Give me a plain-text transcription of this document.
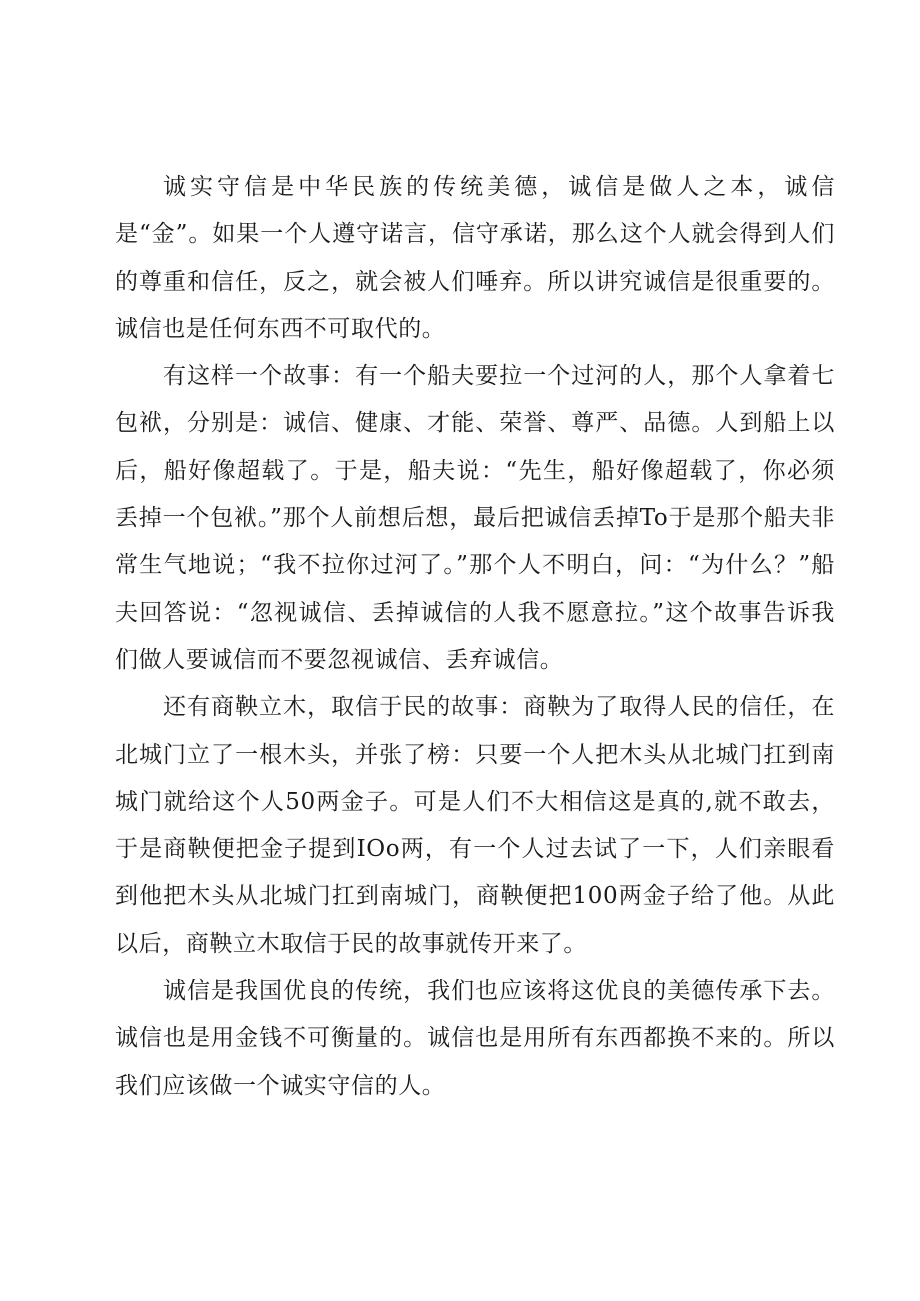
诚实守信是中华民族的传统美德，诚信是做人之本，诚信是“金”。如果一个人遵守诺言，信守承诺，那么这个人就会得到人们的尊重和信任，反之，就会被人们唾弃。所以讲究诚信是很重要的。诚信也是任何东西不可取代的。

有这样一个故事：有一个船夫要拉一个过河的人，那个人拿着七包袱，分别是：诚信、健康、才能、荣誉、尊严、品德。人到船上以后，船好像超载了。于是，船夫说：“先生，船好像超载了，你必须丢掉一个包袱。”那个人前想后想，最后把诚信丢掉To于是那个船夫非常生气地说；“我不拉你过河了。”那个人不明白，问：“为什么？”船夫回答说：“忽视诚信、丢掉诚信的人我不愿意拉。”这个故事告诉我们做人要诚信而不要忽视诚信、丢弃诚信。

还有商鞅立木，取信于民的故事：商鞅为了取得人民的信任，在北城门立了一根木头，并张了榜：只要一个人把木头从北城门扛到南城门就给这个人50两金子。可是人们不大相信这是真的,就不敢去，于是商鞅便把金子提到IOo两，有一个人过去试了一下，人们亲眼看到他把木头从北城门扛到南城门，商鞅便把100两金子给了他。从此以后，商鞅立木取信于民的故事就传开来了。

诚信是我国优良的传统，我们也应该将这优良的美德传承下去。诚信也是用金钱不可衡量的。诚信也是用所有东西都换不来的。所以我们应该做一个诚实守信的人。
